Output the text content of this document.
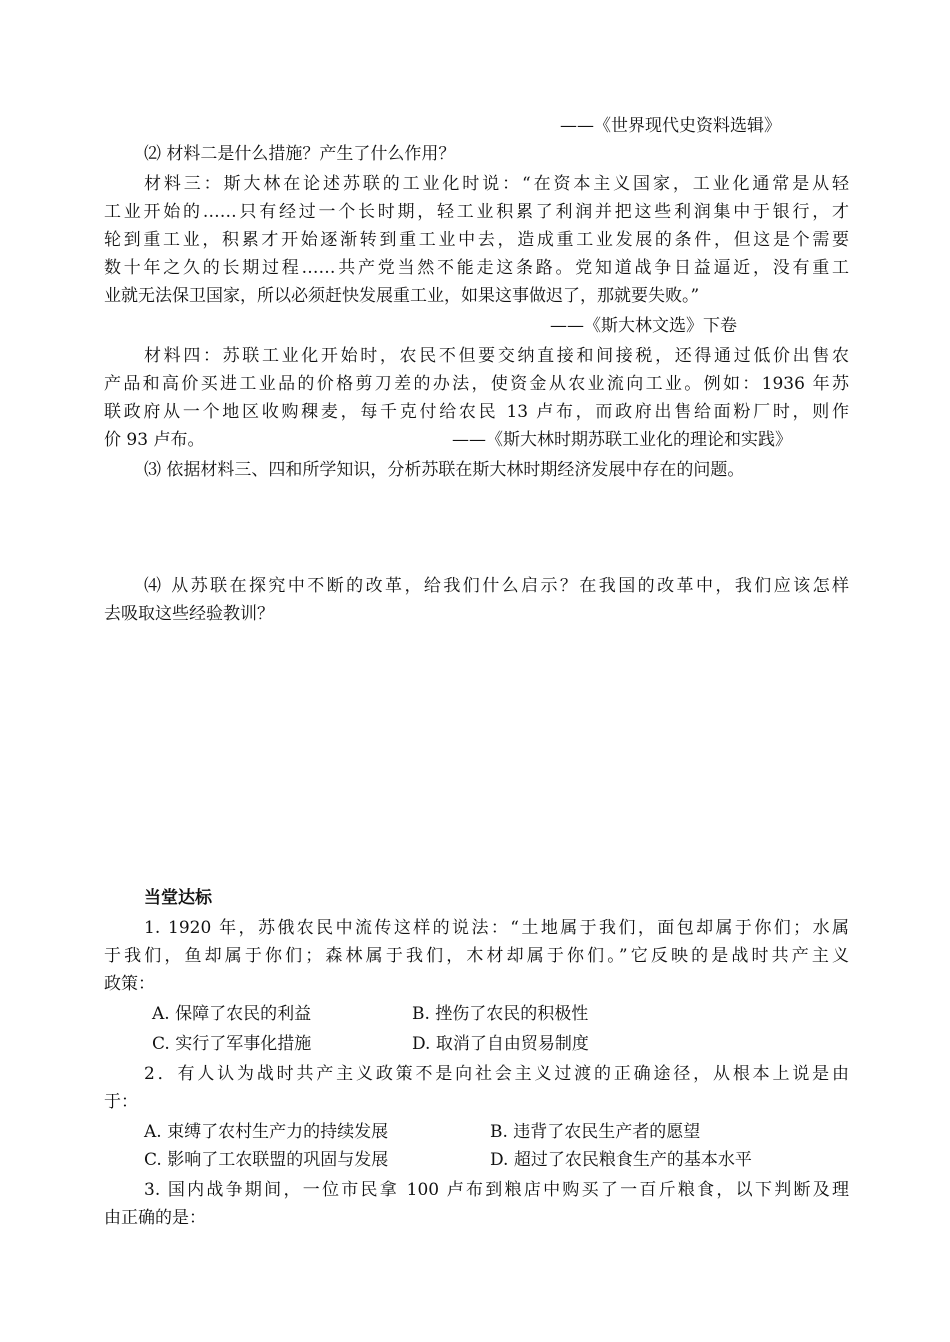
——《世界现代史资料选辑》
⑵ 材料二是什么措施？产生了什么作用？
材料三：斯大林在论述苏联的工业化时说：“在资本主义国家，工业化通常是从轻
工业开始的……只有经过一个长时期，轻工业积累了利润并把这些利润集中于银行，才
轮到重工业，积累才开始逐渐转到重工业中去，造成重工业发展的条件，但这是个需要
数十年之久的长期过程……共产党当然不能走这条路。党知道战争日益逼近，没有重工
业就无法保卫国家，所以必须赶快发展重工业，如果这事做迟了，那就要失败。”
——《斯大林文选》下卷
材料四：苏联工业化开始时，农民不但要交纳直接和间接税，还得通过低价出售农
产品和高价买进工业品的价格剪刀差的办法，使资金从农业流向工业。例如：1936 年苏
联政府从一个地区收购稞麦，每千克付给农民 13 卢布，而政府出售给面粉厂时，则作
价 93 卢布。	——《斯大林时期苏联工业化的理论和实践》
⑶ 依据材料三、四和所学知识，分析苏联在斯大林时期经济发展中存在的问题。
⑷ 从苏联在探究中不断的改革，给我们什么启示？在我国的改革中，我们应该怎样
去吸取这些经验教训？
当堂达标
1. 1920 年，苏俄农民中流传这样的说法：“土地属于我们，面包却属于你们；水属
于我们，鱼却属于你们；森林属于我们，木材却属于你们。”它反映的是战时共产主义
政策：
A. 保障了农民的利益	B. 挫伤了农民的积极性
C. 实行了军事化措施	D. 取消了自由贸易制度
2．有人认为战时共产主义政策不是向社会主义过渡的正确途径，从根本上说是由
于：
A. 束缚了农村生产力的持续发展	B. 违背了农民生产者的愿望
C. 影响了工农联盟的巩固与发展	D. 超过了农民粮食生产的基本水平
3. 国内战争期间，一位市民拿 100 卢布到粮店中购买了一百斤粮食，以下判断及理
由正确的是：
